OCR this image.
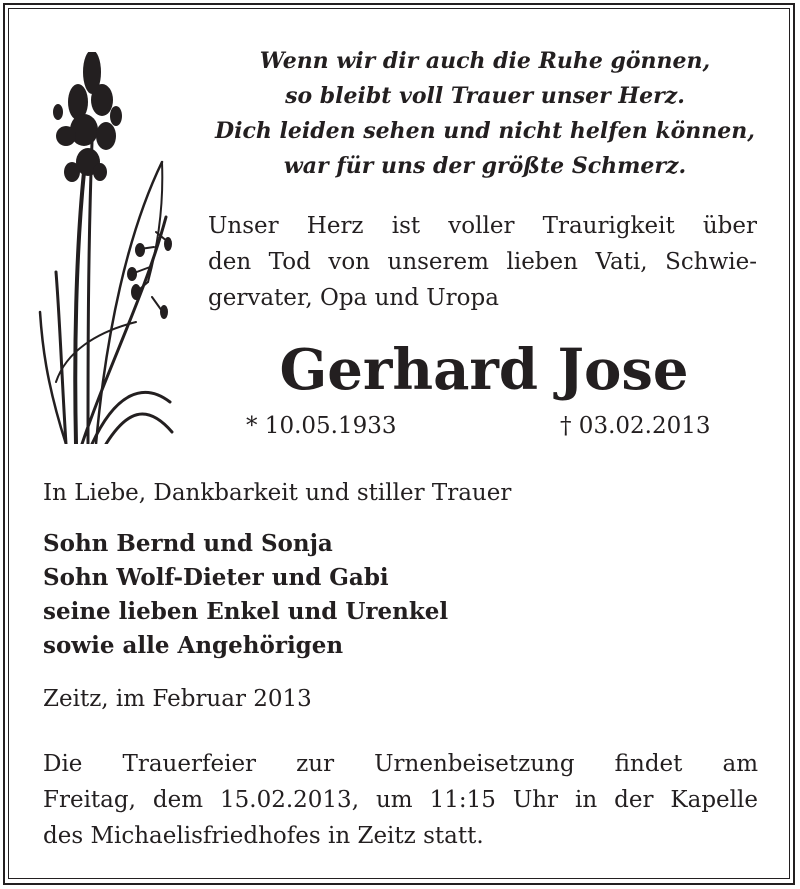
Wenn wir dir auch die Ruhe gönnen,
so bleibt voll Trauer unser Herz.
Dich leiden sehen und nicht helfen können,
war für uns der größte Schmerz.
Unser Herz ist voller Traurigkeit über
den Tod von unserem lieben Vati, Schwie-
gervater, Opa und Uropa
Gerhard Jose
* 10.05.1933	† 03.02.2013
In Liebe, Dankbarkeit und stiller Trauer
Sohn Bernd und Sonja
Sohn Wolf-Dieter und Gabi
seine lieben Enkel und Urenkel
sowie alle Angehörigen
Zeitz, im Februar 2013
Die Trauerfeier zur Urnenbeisetzung findet am
Freitag, dem 15.02.2013, um 11:15 Uhr in der Kapelle
des Michaelisfriedhofes in Zeitz statt.
